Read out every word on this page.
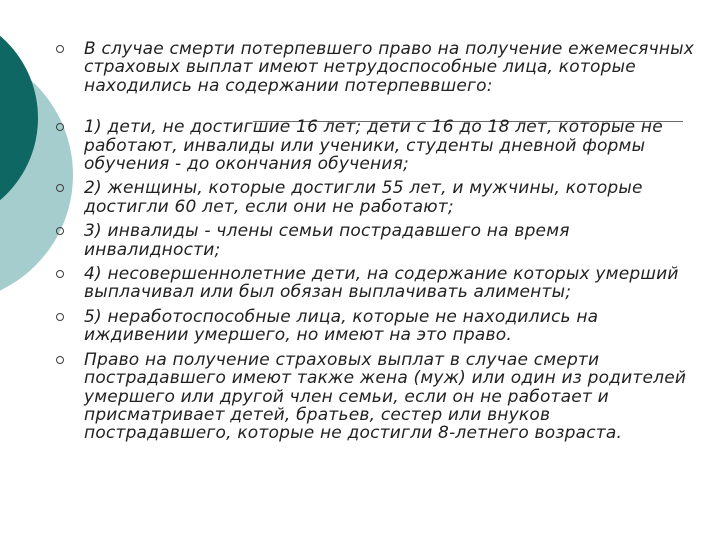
В случае смерти потерпевшего право на получение ежемесячных страховых выплат имеют нетрудоспособные лица, которые находились на содержании потерпеввшего:
1) дети, не достигшие 16 лет; дети с 16 до 18 лет, которые не работают, инвалиды или ученики, студенты дневной формы обучения - до окончания обучения;
2) женщины, которые достигли 55 лет, и мужчины, которые достигли 60 лет, если они не работают;
3) инвалиды - члены семьи пострадавшего на время инвалидности;
4) несовершеннолетние дети, на содержание которых умерший выплачивал или был обязан выплачивать алименты;
5) нерaботоспособные лица, которые не находились на иждивении умершего, но имеют на это право.
Право на получение страховых выплат в случае смерти пострадавшего имеют также жена (муж) или один из родителей умершего или другой член семьи, если он не работает и присматривает детей, братьев, сестер или внуков пострадавшего, которые не достигли 8-летнего возраста.
